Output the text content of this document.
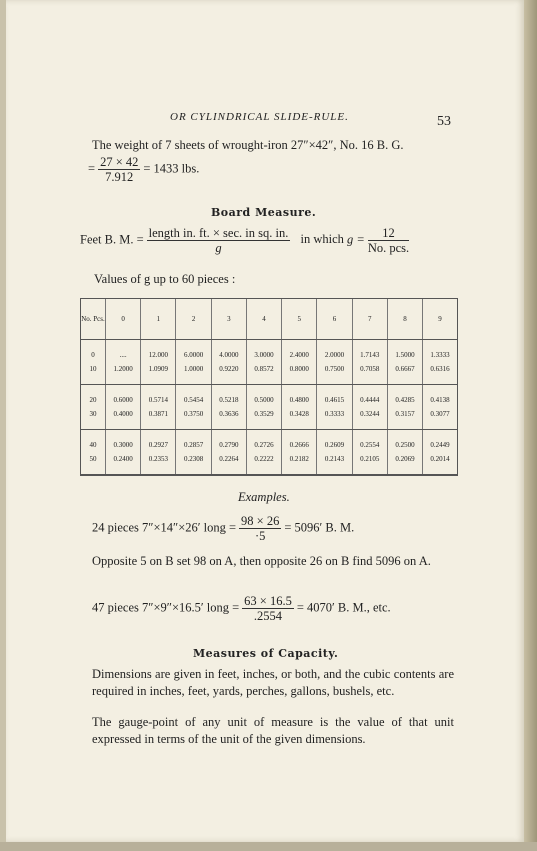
OR CYLINDRICAL SLIDE-RULE.	53
The weight of 7 sheets of wrought-iron 27″×42″, No. 16 B. G.
= $\frac{27 \times 42}{7.912} = 1433$ lbs.
Board Measure.
Feet B. M. = $\frac{\text{length in. ft. × sec. in sq. in.}}{g}$ in which $g = \frac{12}{\text{No. pcs.}}$
Values of g up to 60 pieces :
No. Pcs.	0	1	2	3	4	5	6	7	8	9
0	....	12.000	6.0000	4.0000	3.0000	2.4000	2.0000	1.7143	1.5000	1.3333
10	1.2000	1.0909	1.0000	0.9220	0.8572	0.8000	0.7500	0.7058	0.6667	0.6316
20	0.6000	0.5714	0.5454	0.5218	0.5000	0.4800	0.4615	0.4444	0.4285	0.4138
30	0.4000	0.3871	0.3750	0.3636	0.3529	0.3428	0.3333	0.3244	0.3157	0.3077
40	0.3000	0.2927	0.2857	0.2790	0.2726	0.2666	0.2609	0.2554	0.2500	0.2449
50	0.2400	0.2353	0.2308	0.2264	0.2222	0.2182	0.2143	0.2105	0.2069	0.2014
Examples.
24 pieces 7″×14″×26′ long = $\frac{98 \times 26}{\cdot 5} = 5096'$ B. M.
Opposite 5 on B set 98 on A, then opposite 26 on B find 5096 on A.
47 pieces 7″×9″×16.5′ long = $\frac{63 \times 16.5}{.2554} = 4070'$ B. M., etc.
Measures of Capacity.
Dimensions are given in feet, inches, or both, and the cubic contents are required in inches, feet, yards, perches, gallons, bushels, etc.
The gauge-point of any unit of measure is the value of that unit expressed in terms of the unit of the given dimensions.
